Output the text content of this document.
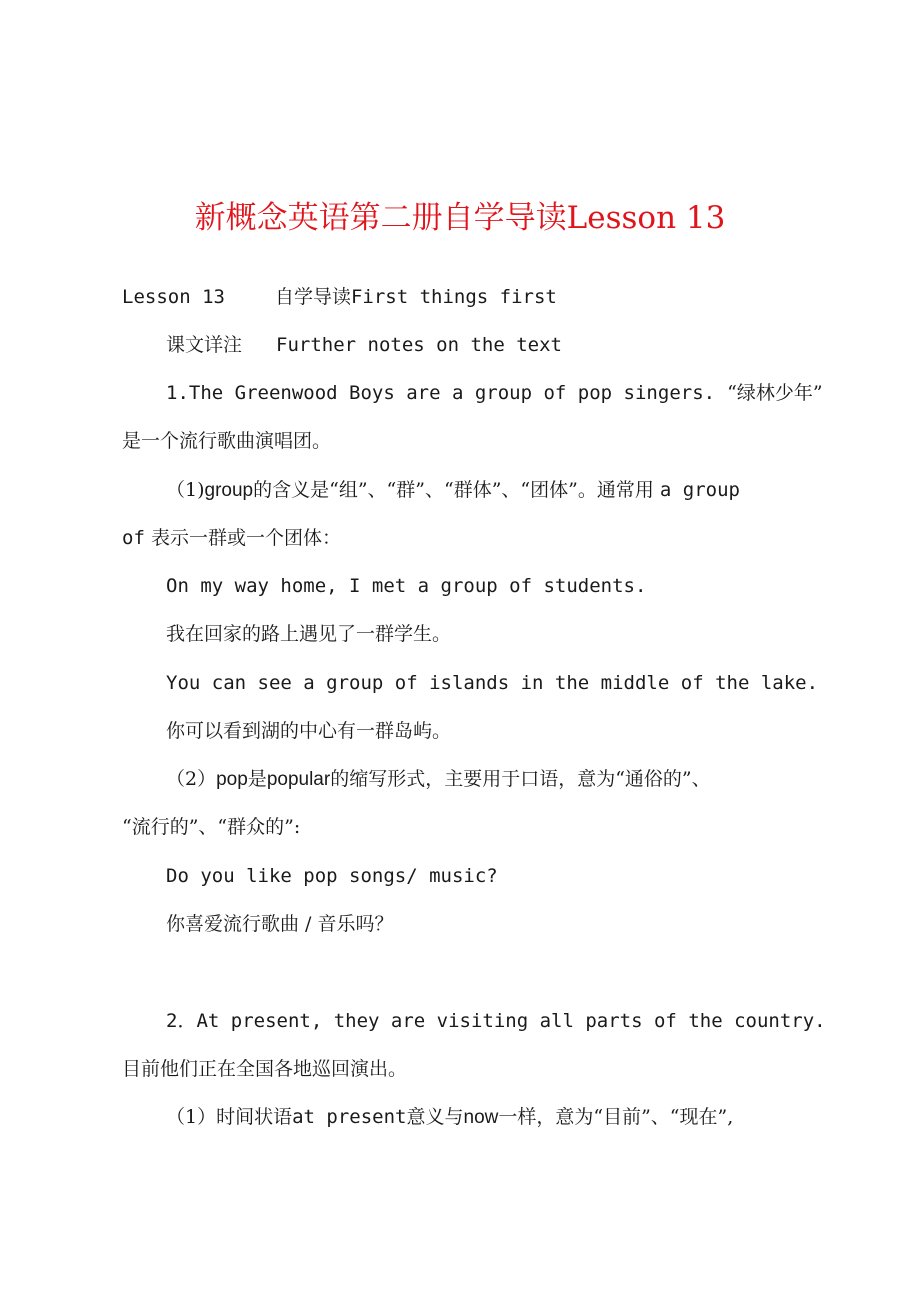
新概念英语第二册自学导读Lesson 13
Lesson 13	自学导读First things first
课文详注 Further notes on the text
1.The Greenwood Boys are a group of pop singers. “绿林少年”
是一个流行歌曲演唱团。
（1)group的含义是“组”、“群”、“群体”、“团体”。通常用 a group
of 表示一群或一个团体：
On my way home, I met a group of students.
我在回家的路上遇见了一群学生。
You can see a group of islands in the middle of the lake.
你可以看到湖的中心有一群岛屿。
（2）pop是popular的缩写形式，主要用于口语，意为“通俗的”、
“流行的”、“群众的”:
Do you like pop songs/ music?
你喜爱流行歌曲 / 音乐吗？
2．At present, they are visiting all parts of the country.
目前他们正在全国各地巡回演出。
（1）时间状语at present意义与now一样，意为“目前”、“现在”,
